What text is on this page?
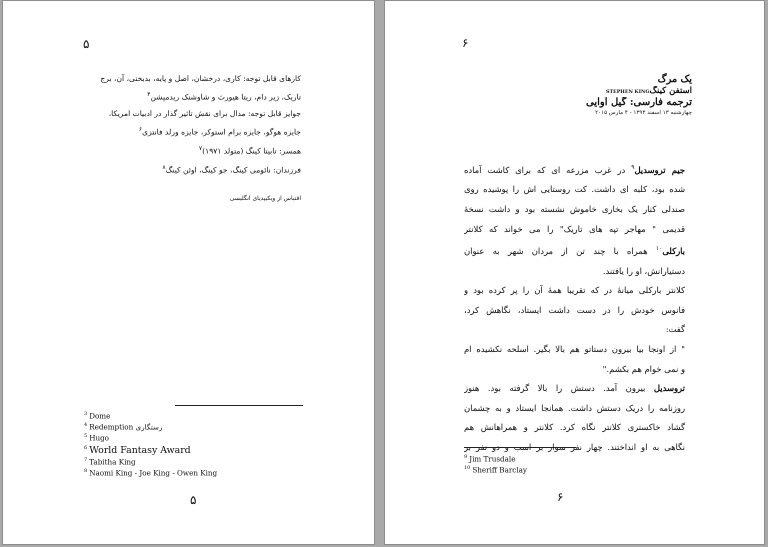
۵
کارهای قابل توجه: کاری، درخشان، اصل و پایه، بدبختی، آن، برج
تاریک، زیر دام، ریتا هیورث و شاوشنک ریدمپشن$^۴$
جوایز قابل توجه: مدال برای نقش تاثیر گذار در ادبیات امریکا،
جایزه هوگو، جایزه برام استوکر، جایزه ورلد فانتزی$^۶$
همسر: تابیتا کینگ (متولد ۱۹۷۱)$^۷$
فرزندان: نائومی کینگ، جو کینگ، اوئن کینگ$^۸$
اقتباس از ویکیپدیای انگلیسی
$^3$ Dome
$^4$ Redemption رستگاری
$^5$ Hugo
$^6$ World Fantasy Award
$^7$ Tabitha King
$^8$ Naomi King - Joe King - Owen King
۵
۶
یک مرگ
استفن کینگSTEPHEN KING
ترجمه فارسی: گیل آوایی
چهارشنبه ۱۳ اسفند ۱۳۹۳ - ۴ مارس ۲۰۱۵
جیم ترو‌سدیل$^۹$ در غرب مزرعه ای که برای کاشت آماده
شده بود، کلبه ای داشت. کت روستایی اش را پوشیده روی
صندلی کنار یک بخاری خاموش نشسته بود و داشت نسخهٔ
قدیمی " مهاجر تپه های تاریک" را می خواند که کلانتر
بارکلی$^{۱۰}$ همراه با چند تن از مردان شهر به عنوان
دستیارانش، او را یافتند.
کلانتر بارکلی میانهٔ در که تقریبا همهٔ آن را پر کرده بود و
فانوس خودش را در دست داشت ایستاد، نگاهش کرد،
گفت:
" از اونجا بیا بیرون دستاتو هم بالا بگیر. اسلحه نکشیده ام
و نمی خوام هم بکشم."
ترو‌سدیل بیرون آمد. دستش را بالا گرفته بود. هنوز
روزنامه را دریک دستش داشت. همانجا ایستاد و به چشمان
گشاد خاکستری کلانتر نگاه کرد. کلانتر و همراهانش هم
نگاهی به او انداختند. چهار نفر سوار بر اسب و دو نفر بر
$^9$ Jim Trusdale
$^{10}$ Sheriff Barclay
۶
